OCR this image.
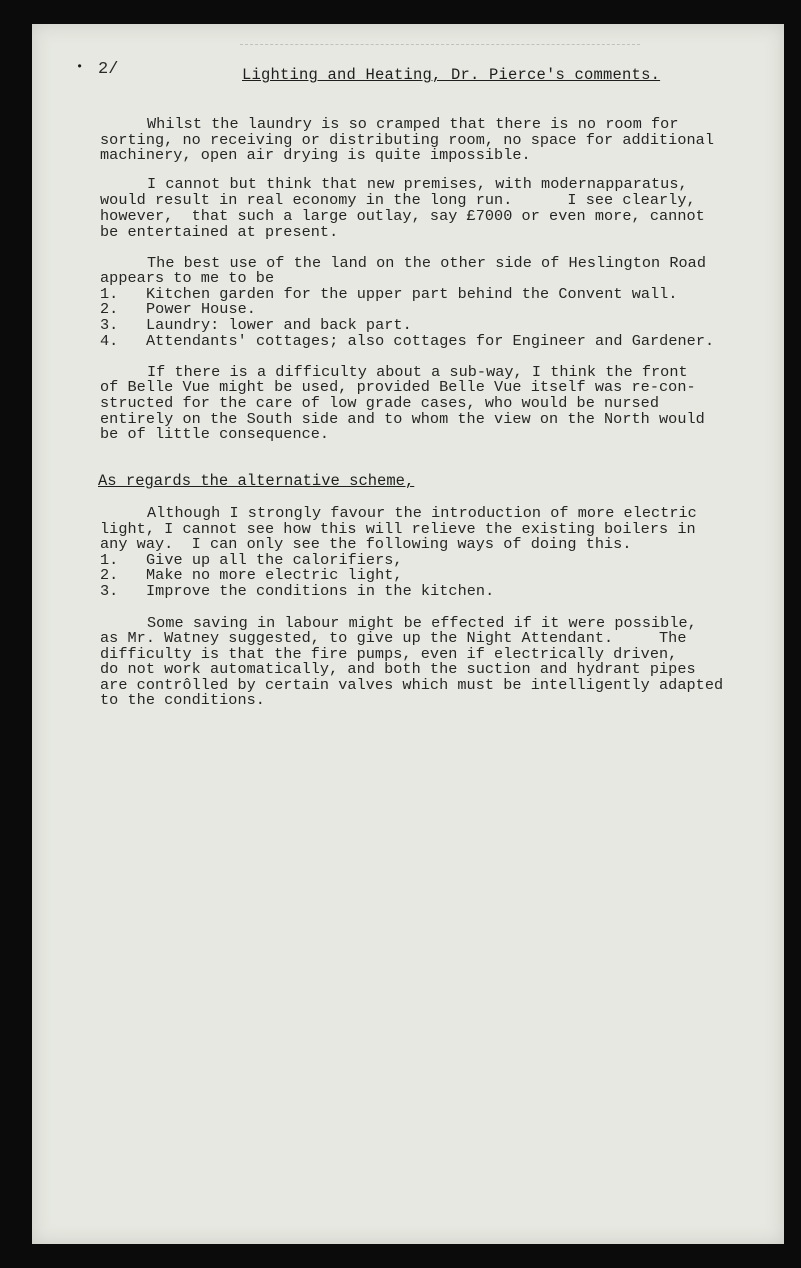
• 2/	Lighting and Heating, Dr. Pierce's comments.
Whilst the laundry is so cramped that there is no room for
sorting, no receiving or distributing room, no space for additional
machinery, open air drying is quite impossible.
I cannot but think that new premises, with modernapparatus,
would result in real economy in the long run.      I see clearly,
however,  that such a large outlay, say £7000 or even more, cannot
be entertained at present.
The best use of the land on the other side of Heslington Road
appears to me to be
1. Kitchen garden for the upper part behind the Convent wall.
2. Power House.
3. Laundry: lower and back part.
4. Attendants' cottages; also cottages for Engineer and Gardener.
If there is a difficulty about a sub-way, I think the front
of Belle Vue might be used, provided Belle Vue itself was re-con-
structed for the care of low grade cases, who would be nursed
entirely on the South side and to whom the view on the North would
be of little consequence.
As regards the alternative scheme,
Although I strongly favour the introduction of more electric
light, I cannot see how this will relieve the existing boilers in
any way.  I can only see the following ways of doing this.
1. Give up all the calorifiers,
2. Make no more electric light,
3. Improve the conditions in the kitchen.
Some saving in labour might be effected if it were possible,
as Mr. Watney suggested, to give up the Night Attendant.     The
difficulty is that the fire pumps, even if electrically driven,
do not work automatically, and both the suction and hydrant pipes
are contrôlled by certain valves which must be intelligently adapted
to the conditions.
